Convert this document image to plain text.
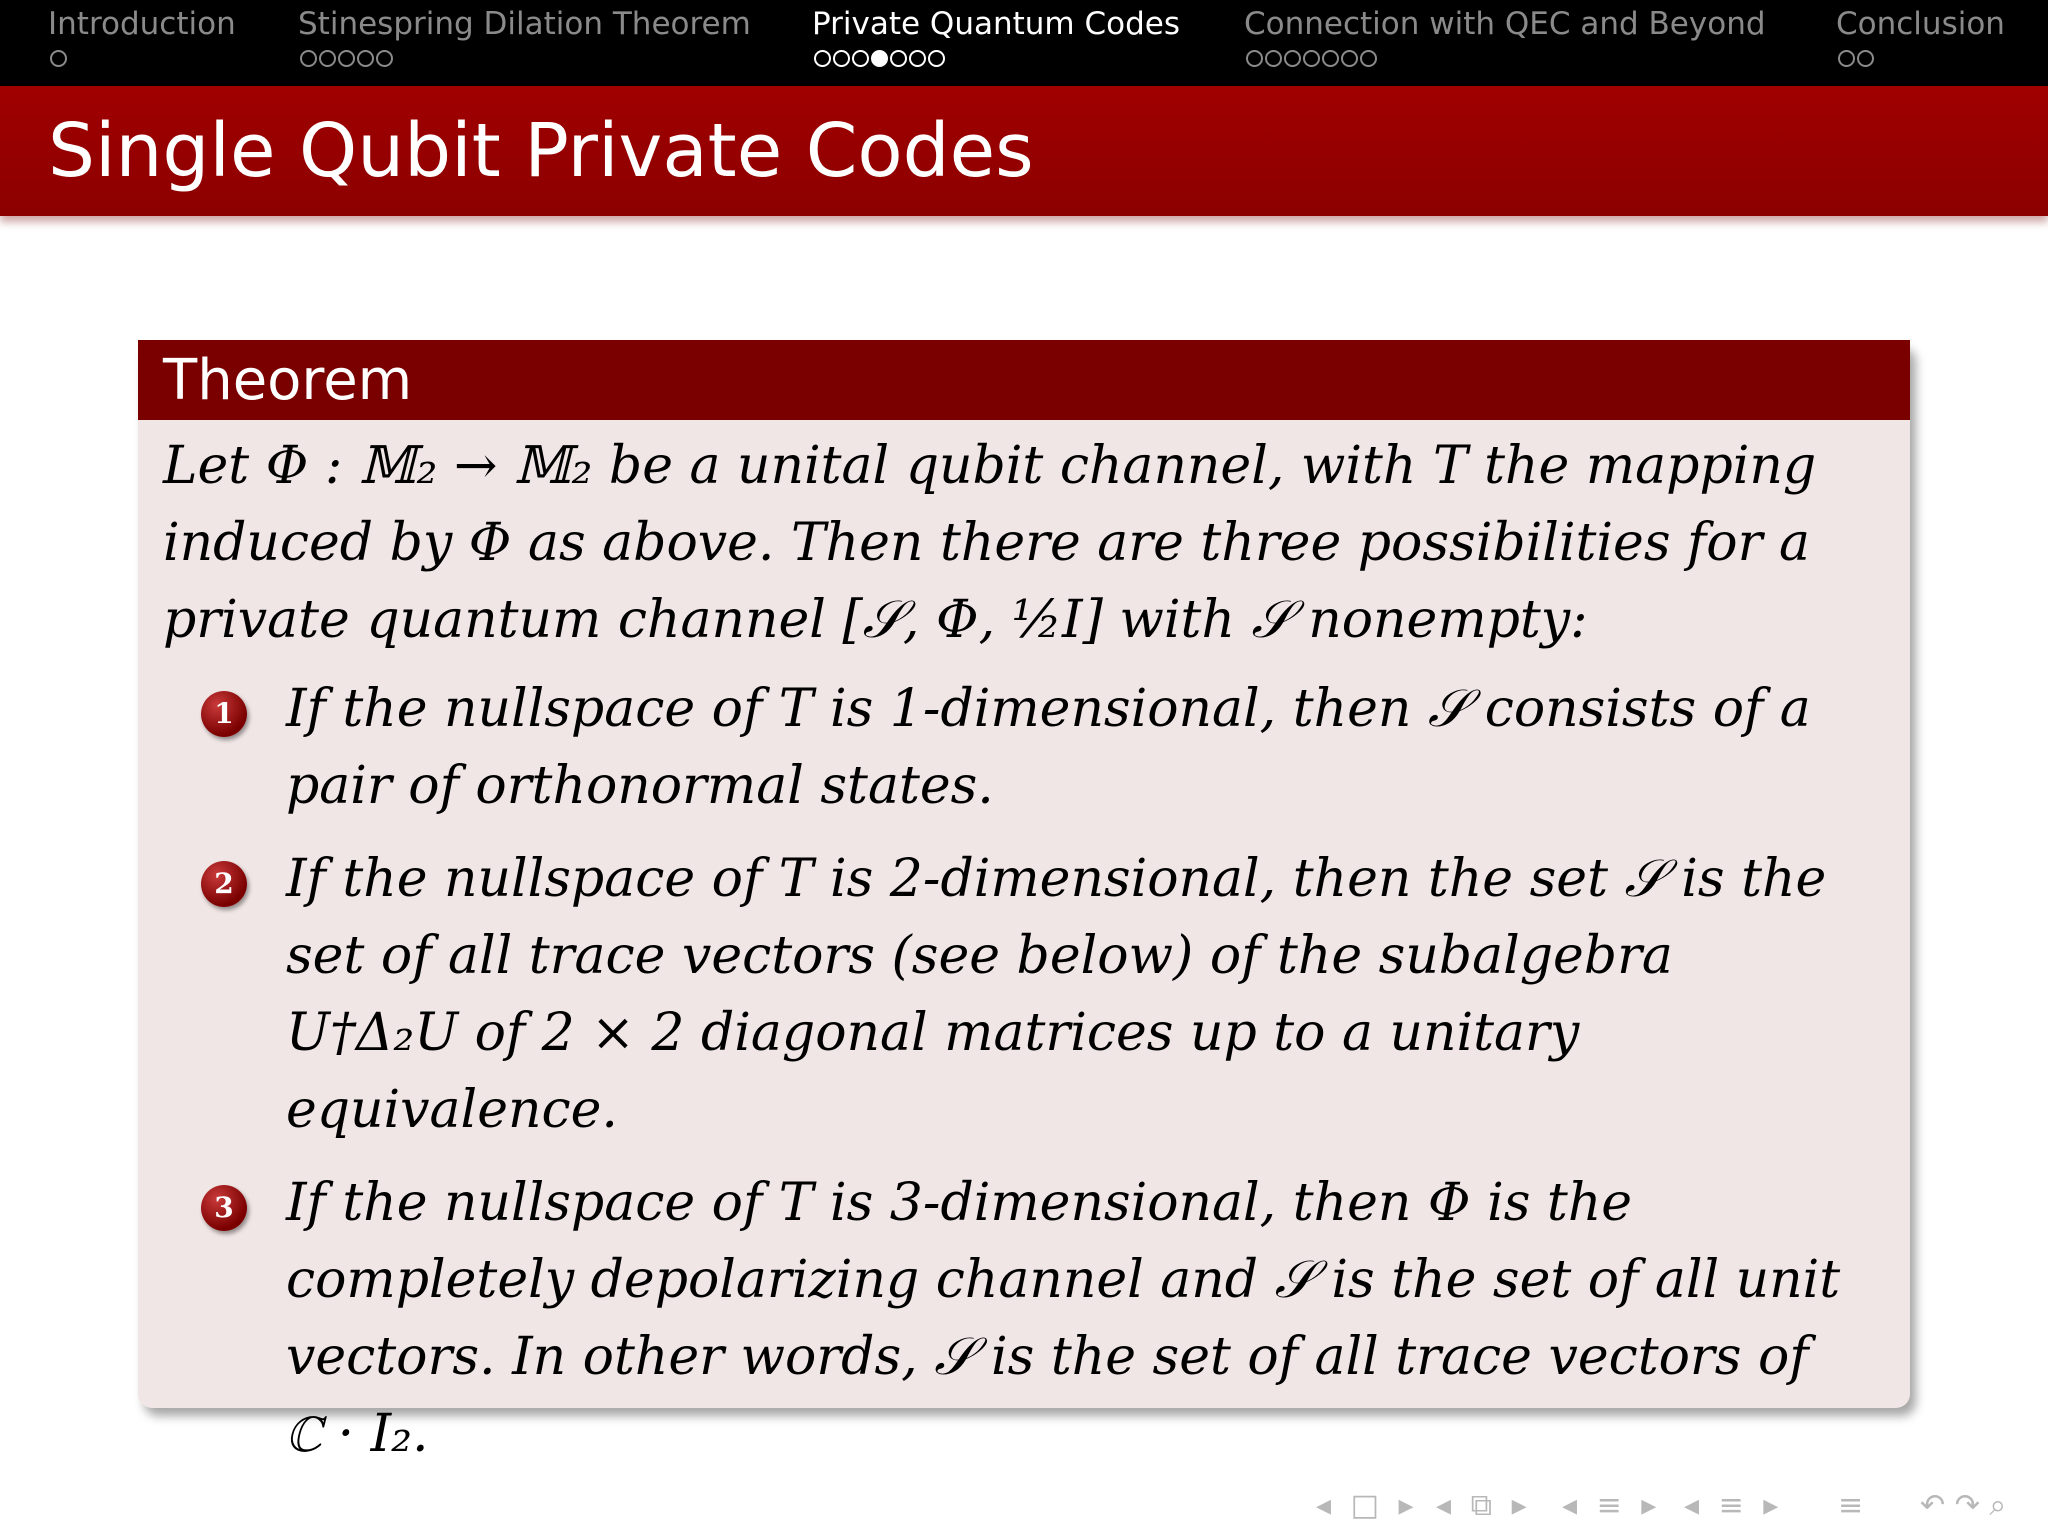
Introduction Stinespring Dilation Theorem Private Quantum Codes Connection with QEC and Beyond Conclusion
Single Qubit Private Codes
Theorem

Let Φ : 𝕄₂ → 𝕄₂ be a unital qubit channel, with T the mapping induced by Φ as above. Then there are three possibilities for a private quantum channel [𝒮, Φ, ½I] with 𝒮 nonempty:

1 If the nullspace of T is 1-dimensional, then 𝒮 consists of a pair of orthonormal states.
2 If the nullspace of T is 2-dimensional, then the set 𝒮 is the set of all trace vectors (see below) of the subalgebra U†Δ₂U of 2 × 2 diagonal matrices up to a unitary equivalence.
3 If the nullspace of T is 3-dimensional, then Φ is the completely depolarizing channel and 𝒮 is the set of all unit vectors. In other words, 𝒮 is the set of all trace vectors of ℂ · I₂.
◂ □ ▸ ◂ ⧉ ▸ ◂ ≡ ▸ ◂ ≡ ▸ ≡ ↶ ↷ ⌕
